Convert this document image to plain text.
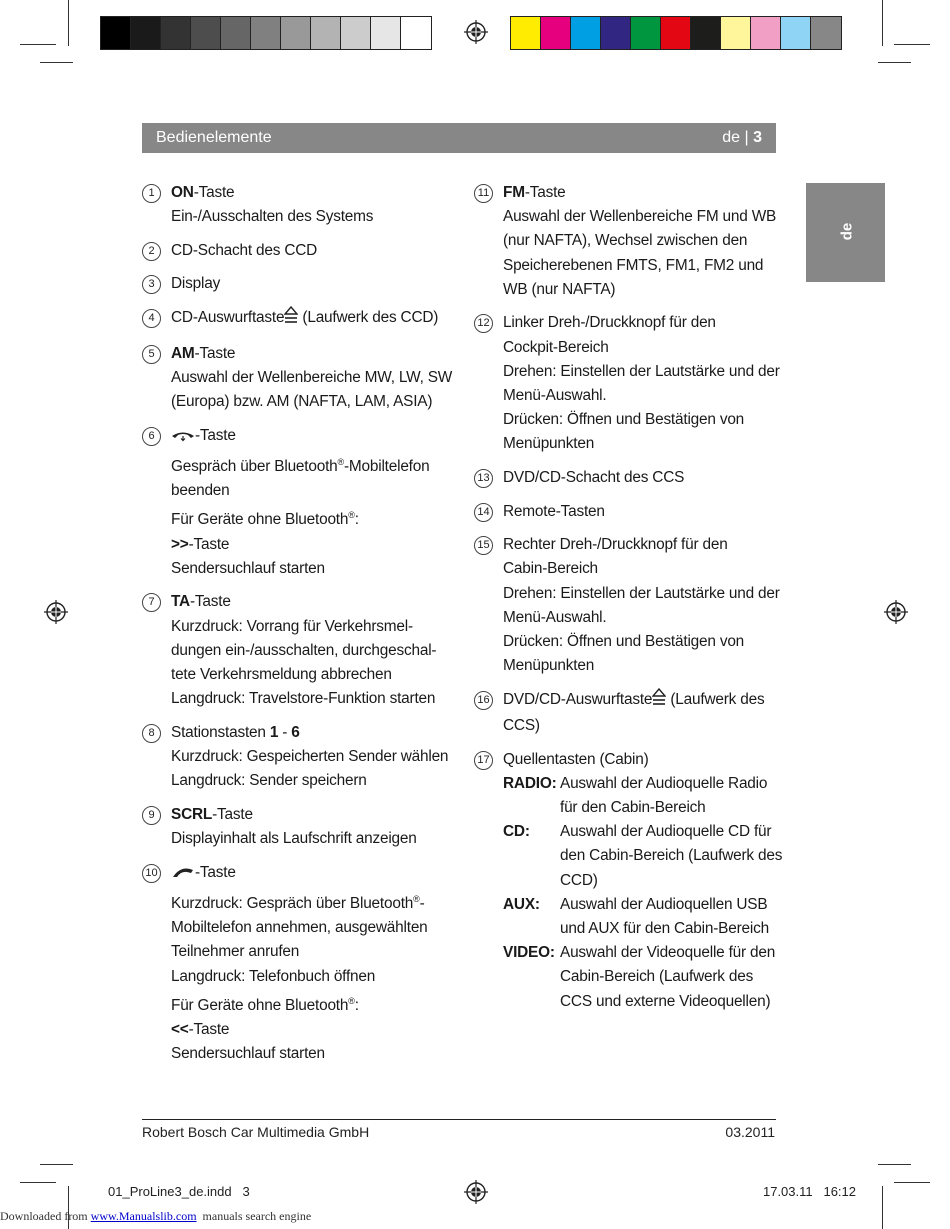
Bedienelemente	de | 3
de
1	ON-Taste
Ein-/Ausschalten des Systems
2	CD-Schacht des CCD
3	Display
4	CD-Auswurftaste (Laufwerk des CCD)
5	AM-Taste
Auswahl der Wellenbereiche MW, LW, SW
(Europa) bzw. AM (NAFTA, LAM, ASIA)
6	-Taste
Gespräch über Bluetooth®-Mobiltelefon
beenden
Für Geräte ohne Bluetooth®:
>>-Taste
Sendersuchlauf starten
7	TA-Taste
Kurzdruck: Vorrang für Verkehrsmel-
dungen ein-/ausschalten, durchgeschal-
tete Verkehrsmeldung abbrechen
Langdruck: Travelstore-Funktion starten
8	Stationstasten 1 - 6
Kurzdruck: Gespeicherten Sender wählen
Langdruck: Sender speichern
9	SCRL-Taste
Displayinhalt als Laufschrift anzeigen
10	-Taste
Kurzdruck: Gespräch über Bluetooth®-
Mobiltelefon annehmen, ausgewählten
Teilnehmer anrufen
Langdruck: Telefonbuch öffnen
Für Geräte ohne Bluetooth®:
<<-Taste
Sendersuchlauf starten
11 FM-Taste
Auswahl der Wellenbereiche FM und WB
(nur NAFTA), Wechsel zwischen den
Speicherebenen FMTS, FM1, FM2 und
WB (nur NAFTA)
12 Linker Dreh-/Druckknopf für den
Cockpit-Bereich
Drehen: Einstellen der Lautstärke und der
Menü-Auswahl.
Drücken: Öffnen und Bestätigen von
Menüpunkten
13 DVD/CD-Schacht des CCS
14 Remote-Tasten
15 Rechter Dreh-/Druckknopf für den
Cabin-Bereich
Drehen: Einstellen der Lautstärke und der
Menü-Auswahl.
Drücken: Öffnen und Bestätigen von
Menüpunkten
16 DVD/CD-Auswurftaste (Laufwerk des
CCS)
17 Quellentasten (Cabin)
RADIO: Auswahl der Audioquelle Radio
für den Cabin-Bereich
CD:	Auswahl der Audioquelle CD für
den Cabin-Bereich (Laufwerk des
CCD)
AUX:	Auswahl der Audioquellen USB
und AUX für den Cabin-Bereich
VIDEO: Auswahl der Videoquelle für den
Cabin-Bereich (Laufwerk des
CCS und externe Videoquellen)
Robert Bosch Car Multimedia GmbH	03.2011
01_ProLine3_de.indd   3	17.03.11   16:12
Downloaded from www.Manualslib.com  manuals search engine
